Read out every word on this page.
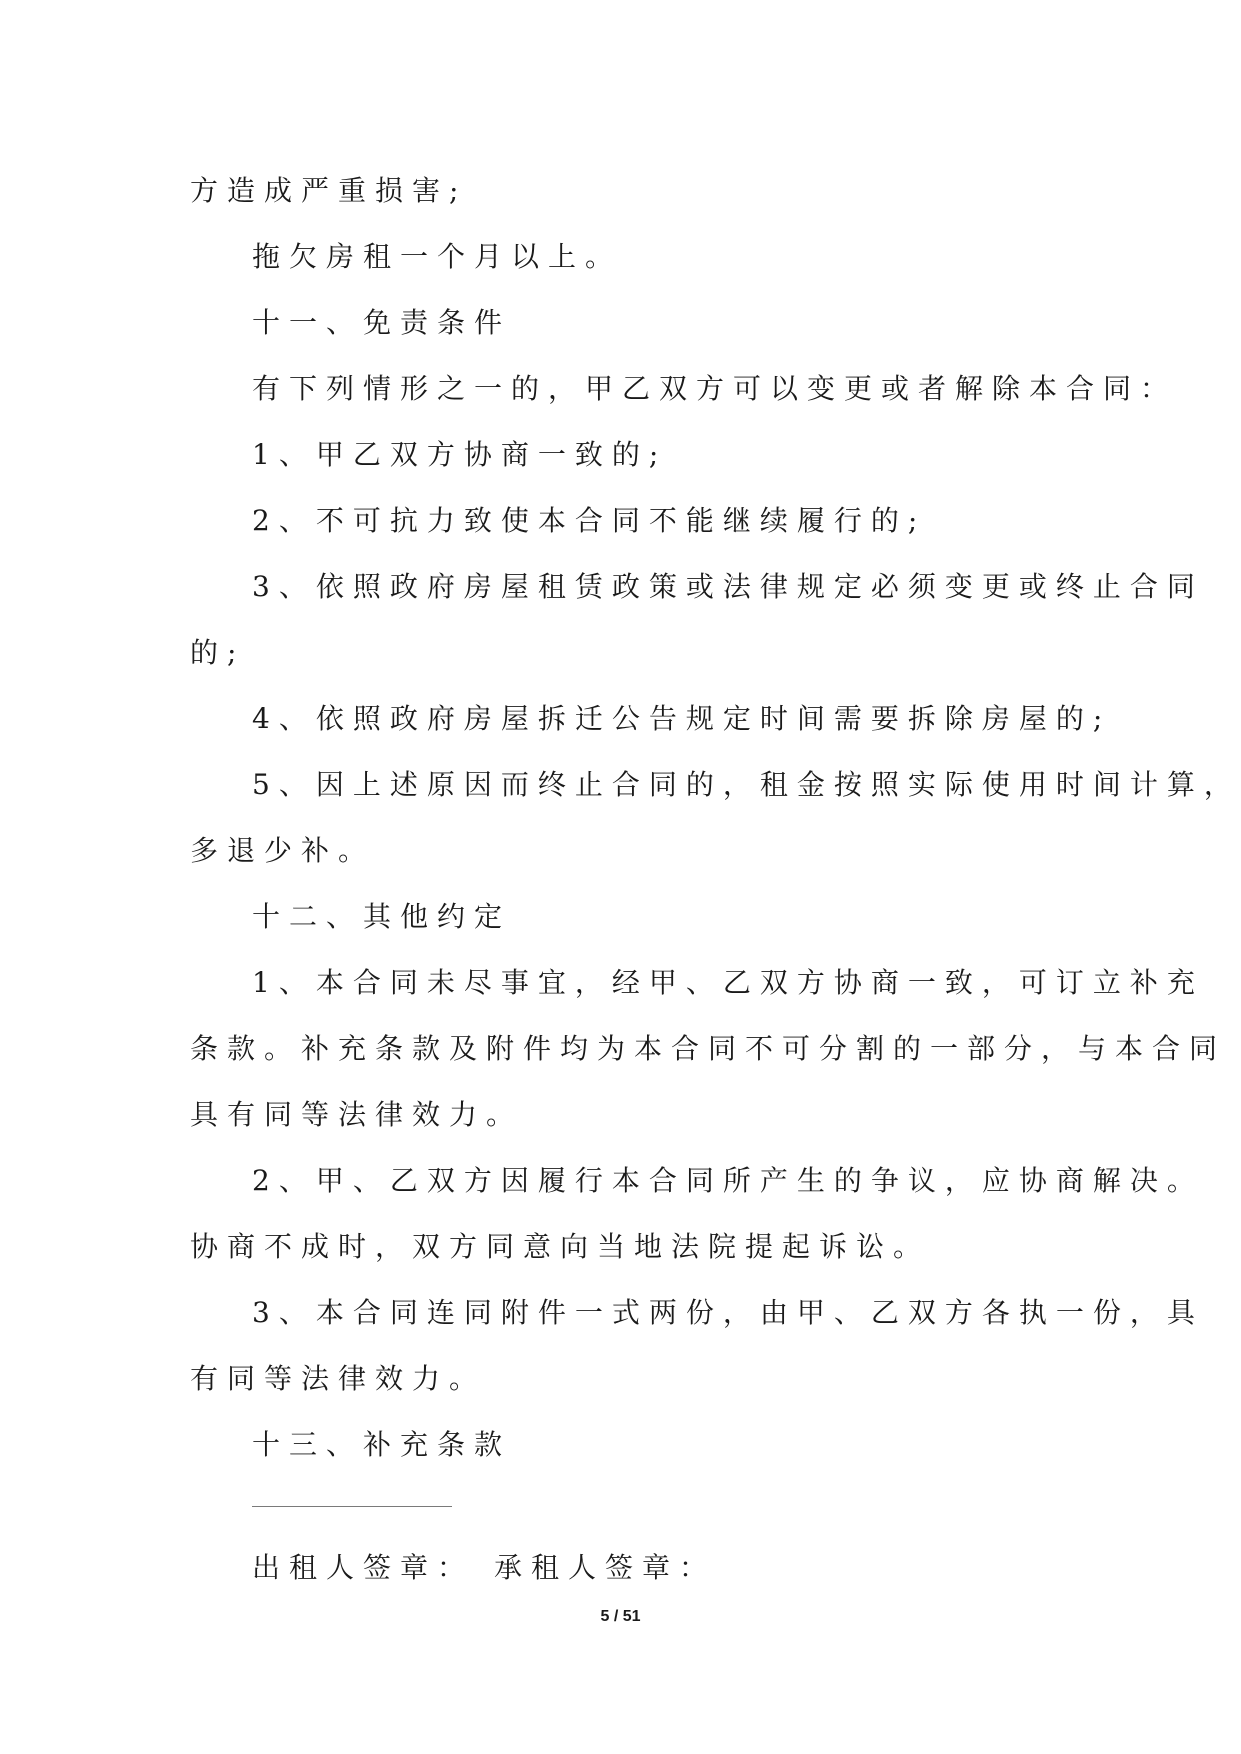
方造成严重损害;

拖欠房租一个月以上。

十一、免责条件

有下列情形之一的，甲乙双方可以变更或者解除本合同：

1、甲乙双方协商一致的;

2、不可抗力致使本合同不能继续履行的;

3、依照政府房屋租赁政策或法律规定必须变更或终止合同

的;

4、依照政府房屋拆迁公告规定时间需要拆除房屋的;

5、因上述原因而终止合同的，租金按照实际使用时间计算，

多退少补。

十二、其他约定

1、本合同未尽事宜，经甲、乙双方协商一致，可订立补充

条款。补充条款及附件均为本合同不可分割的一部分，与本合同

具有同等法律效力。

2、甲、乙双方因履行本合同所产生的争议，应协商解决。

协商不成时，双方同意向当地法院提起诉讼。

3、本合同连同附件一式两份，由甲、乙双方各执一份，具

有同等法律效力。

十三、补充条款

出租人签章： 承租人签章：
5 / 51
